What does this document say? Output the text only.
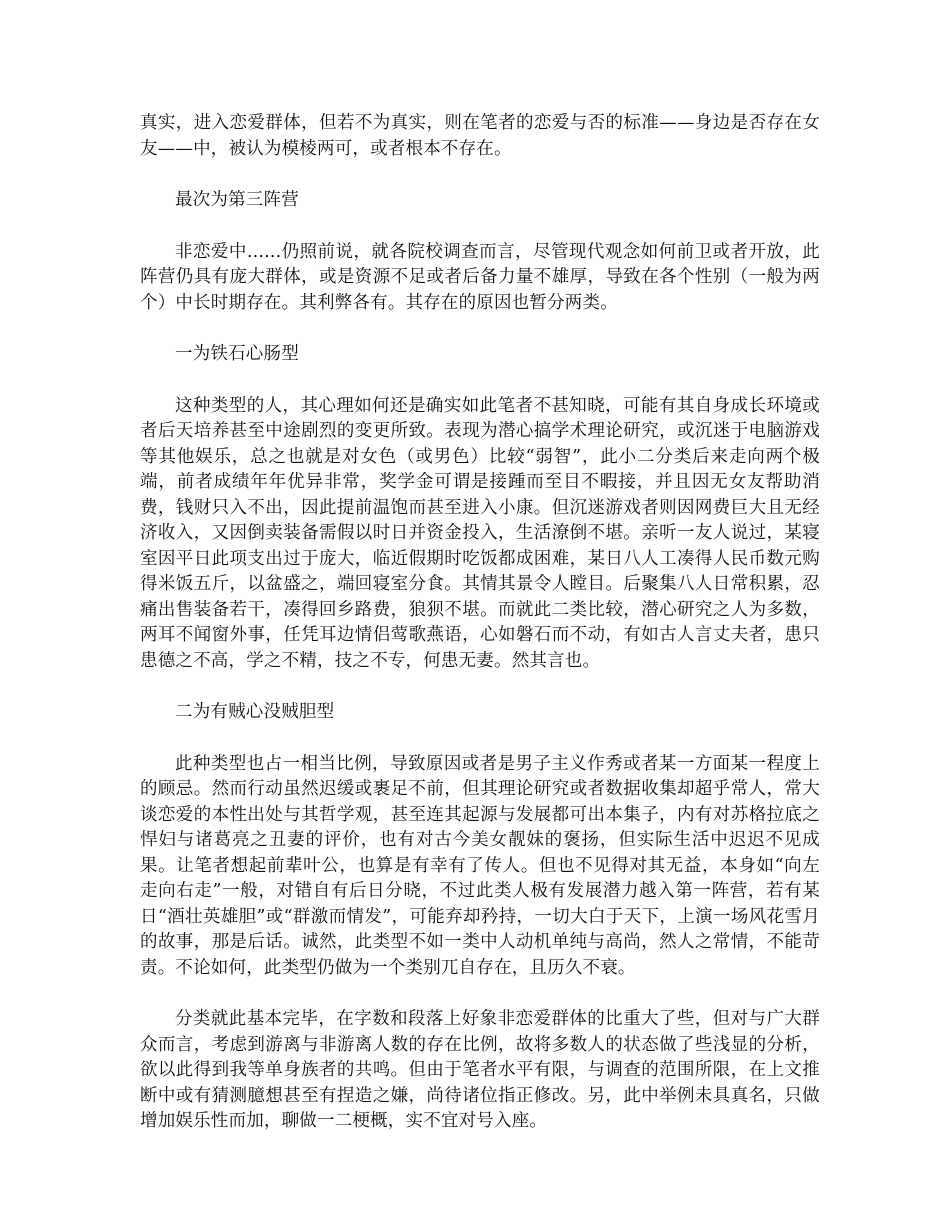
真实，进入恋爱群体，但若不为真实，则在笔者的恋爱与否的标准——身边是否存在女友——中，被认为模棱两可，或者根本不存在。

最次为第三阵营

非恋爱中......仍照前说，就各院校调查而言，尽管现代观念如何前卫或者开放，此阵营仍具有庞大群体，或是资源不足或者后备力量不雄厚，导致在各个性别（一般为两个）中长时期存在。其利弊各有。其存在的原因也暂分两类。

一为铁石心肠型

这种类型的人，其心理如何还是确实如此笔者不甚知晓，可能有其自身成长环境或者后天培养甚至中途剧烈的变更所致。表现为潜心搞学术理论研究，或沉迷于电脑游戏等其他娱乐，总之也就是对女色（或男色）比较“弱智”，此小二分类后来走向两个极端，前者成绩年年优异非常，奖学金可谓是接踵而至目不暇接，并且因无女友帮助消费，钱财只入不出，因此提前温饱而甚至进入小康。但沉迷游戏者则因网费巨大且无经济收入，又因倒卖装备需假以时日并资金投入，生活潦倒不堪。亲听一友人说过，某寝室因平日此项支出过于庞大，临近假期时吃饭都成困难，某日八人工凑得人民币数元购得米饭五斤，以盆盛之，端回寝室分食。其情其景令人瞠目。后聚集八人日常积累，忍痛出售装备若干，凑得回乡路费，狼狈不堪。而就此二类比较，潜心研究之人为多数，两耳不闻窗外事，任凭耳边情侣莺歌燕语，心如磐石而不动，有如古人言丈夫者，患只患德之不高，学之不精，技之不专，何患无妻。然其言也。

二为有贼心没贼胆型

此种类型也占一相当比例，导致原因或者是男子主义作秀或者某一方面某一程度上的顾忌。然而行动虽然迟缓或裹足不前，但其理论研究或者数据收集却超乎常人，常大谈恋爱的本性出处与其哲学观，甚至连其起源与发展都可出本集子，内有对苏格拉底之悍妇与诸葛亮之丑妻的评价，也有对古今美女靓妹的褒扬，但实际生活中迟迟不见成果。让笔者想起前辈叶公，也算是有幸有了传人。但也不见得对其无益，本身如“向左走向右走”一般，对错自有后日分晓，不过此类人极有发展潜力越入第一阵营，若有某日“酒壮英雄胆”或“群激而情发”，可能弃却矜持，一切大白于天下，上演一场风花雪月的故事，那是后话。诚然，此类型不如一类中人动机单纯与高尚，然人之常情，不能苛责。不论如何，此类型仍做为一个类别兀自存在，且历久不衰。

分类就此基本完毕，在字数和段落上好象非恋爱群体的比重大了些，但对与广大群众而言，考虑到游离与非游离人数的存在比例，故将多数人的状态做了些浅显的分析，欲以此得到我等单身族者的共鸣。但由于笔者水平有限，与调查的范围所限，在上文推断中或有猜测臆想甚至有捏造之嫌，尚待诸位指正修改。另，此中举例未具真名，只做增加娱乐性而加，聊做一二梗概，实不宜对号入座。
